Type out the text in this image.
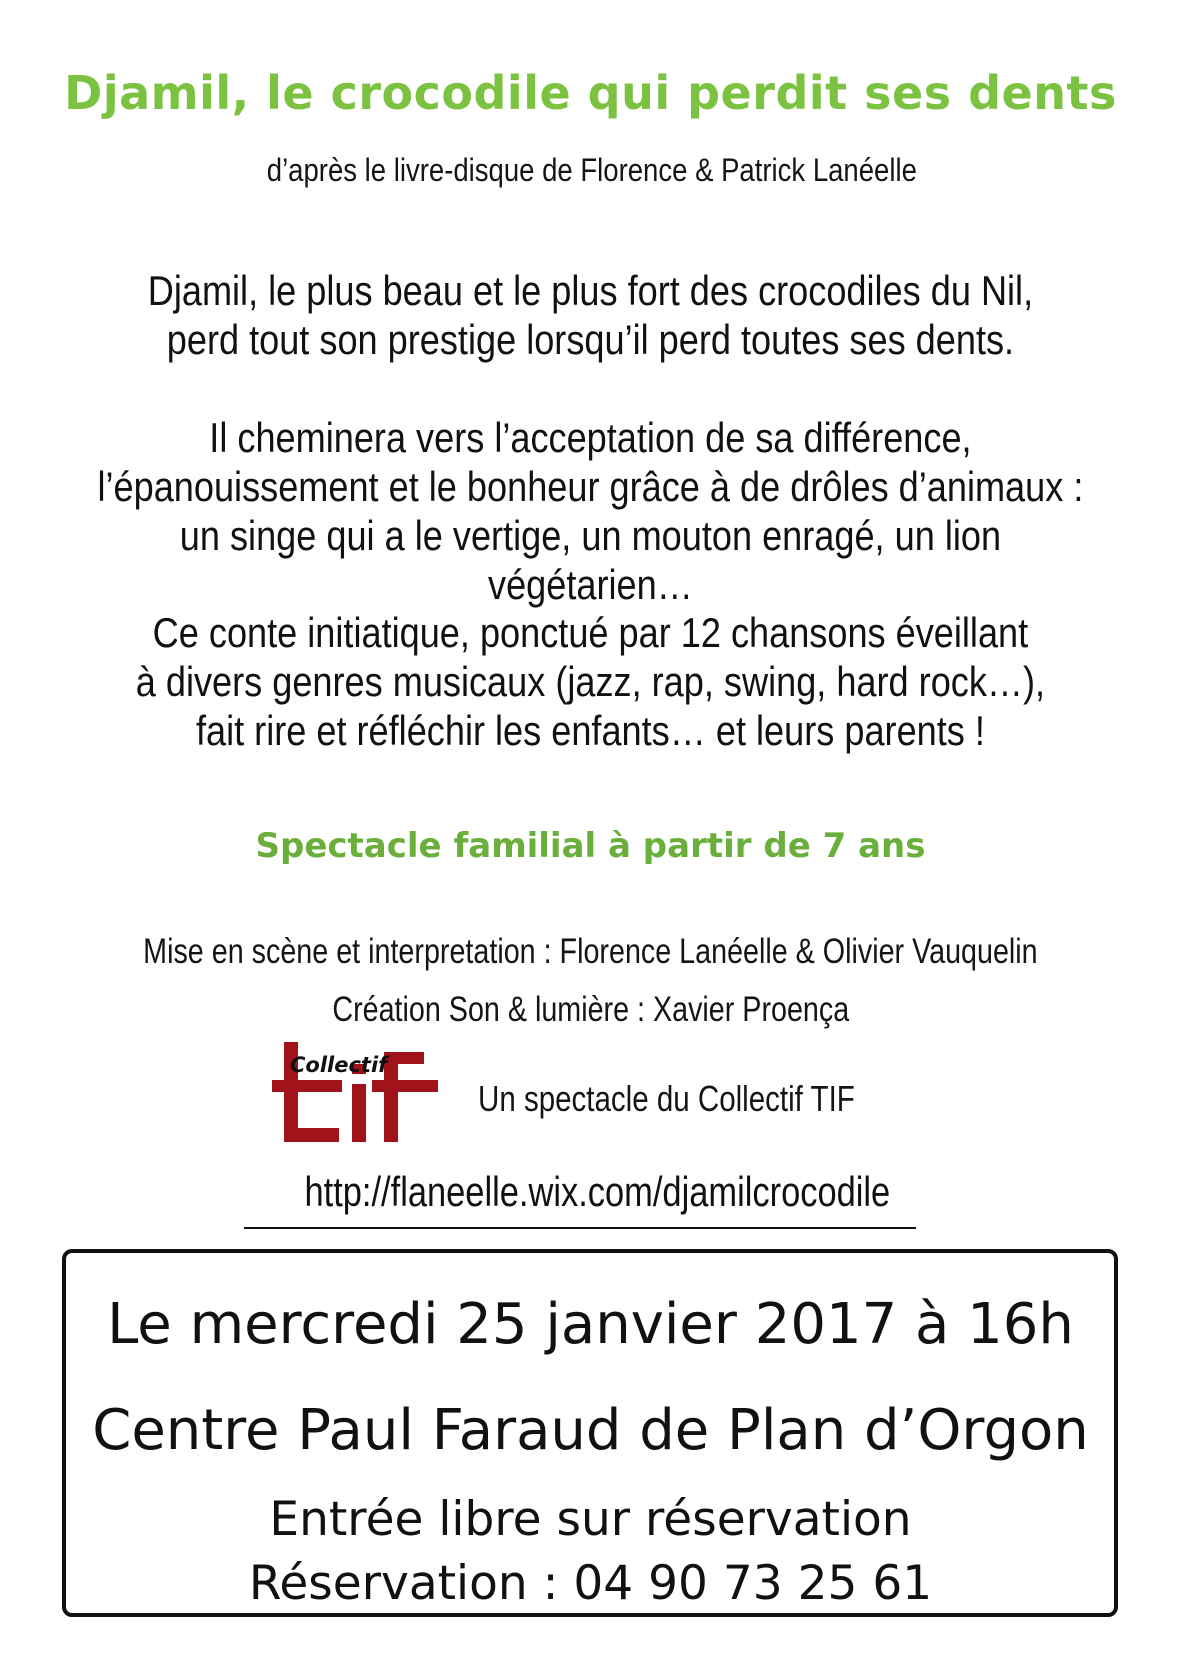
Djamil, le crocodile qui perdit ses dents
d’après le livre-disque de Florence & Patrick Lanéelle
Djamil, le plus beau et le plus fort des crocodiles du Nil,
perd tout son prestige lorsqu’il perd toutes ses dents.
Il cheminera vers l’acceptation de sa différence,
l’épanouissement et le bonheur grâce à de drôles d’animaux :
un singe qui a le vertige, un mouton enragé, un lion végétarien…
Ce conte initiatique, ponctué par 12 chansons éveillant
à divers genres musicaux (jazz, rap, swing, hard rock…),
fait rire et réfléchir les enfants… et leurs parents !
Spectacle familial à partir de 7 ans
Mise en scène et interpretation : Florence Lanéelle & Olivier Vauquelin
Création Son & lumière : Xavier Proença
Collectif
Un spectacle du Collectif TIF
http://flaneelle.wix.com/djamilcrocodile
Le mercredi 25 janvier 2017 à 16h
Centre Paul Faraud de Plan d’Orgon
Entrée libre sur réservation
Réservation : 04 90 73 25 61
